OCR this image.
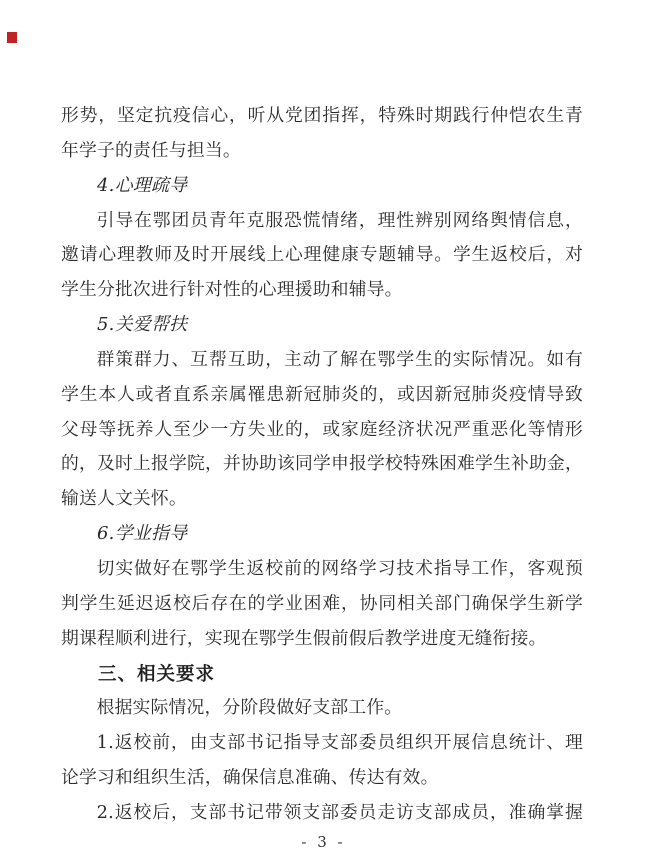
形势，坚定抗疫信心，听从党团指挥，特殊时期践行仲恺农生青
年学子的责任与担当。
4.心理疏导
引导在鄂团员青年克服恐慌情绪，理性辨别网络舆情信息，
邀请心理教师及时开展线上心理健康专题辅导。学生返校后，对
学生分批次进行针对性的心理援助和辅导。
5.关爱帮扶
群策群力、互帮互助，主动了解在鄂学生的实际情况。如有
学生本人或者直系亲属罹患新冠肺炎的，或因新冠肺炎疫情导致
父母等抚养人至少一方失业的，或家庭经济状况严重恶化等情形
的，及时上报学院，并协助该同学申报学校特殊困难学生补助金，
输送人文关怀。
6.学业指导
切实做好在鄂学生返校前的网络学习技术指导工作，客观预
判学生延迟返校后存在的学业困难，协同相关部门确保学生新学
期课程顺利进行，实现在鄂学生假前假后教学进度无缝衔接。
三、相关要求
根据实际情况，分阶段做好支部工作。
1.返校前，由支部书记指导支部委员组织开展信息统计、理
论学习和组织生活，确保信息准确、传达有效。
2.返校后，支部书记带领支部委员走访支部成员，准确掌握
- 3 -
